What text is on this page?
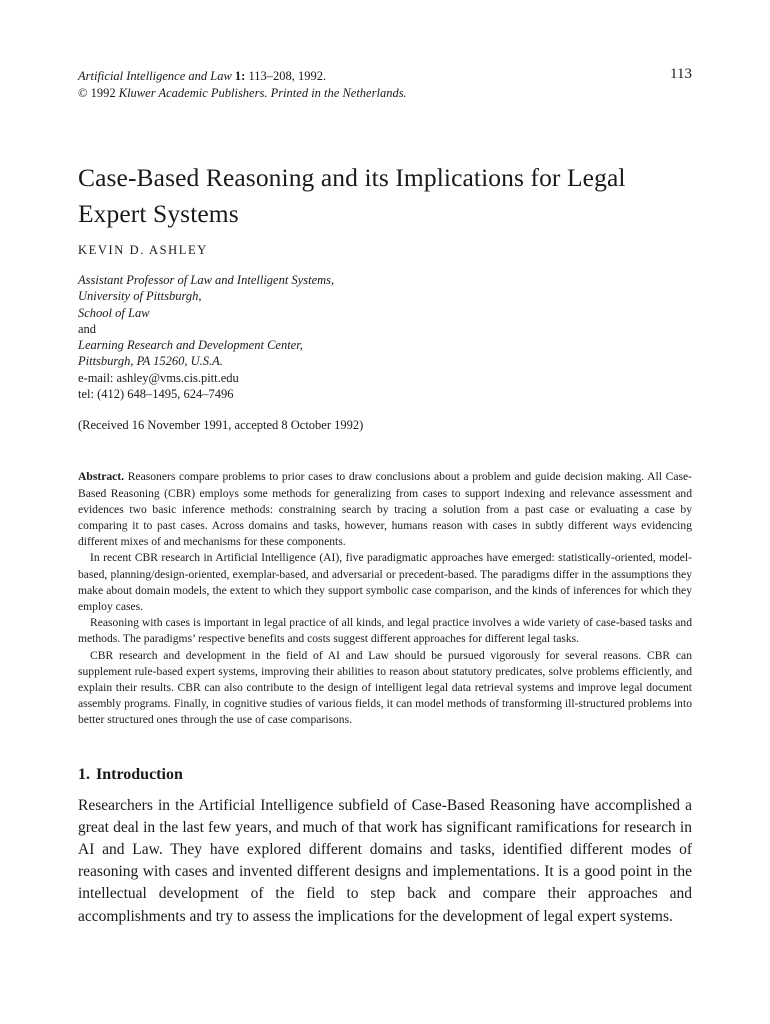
Artificial Intelligence and Law 1: 113–208, 1992.
© 1992 Kluwer Academic Publishers. Printed in the Netherlands.
113
Case-Based Reasoning and its Implications for Legal Expert Systems
KEVIN D. ASHLEY
Assistant Professor of Law and Intelligent Systems,
University of Pittsburgh,
School of Law
and
Learning Research and Development Center,
Pittsburgh, PA 15260, U.S.A.
e-mail: ashley@vms.cis.pitt.edu
tel: (412) 648–1495, 624–7496
(Received 16 November 1991, accepted 8 October 1992)

Abstract. Reasoners compare problems to prior cases to draw conclusions about a problem and guide decision making. All Case-Based Reasoning (CBR) employs some methods for generalizing from cases to support indexing and relevance assessment and evidences two basic inference methods: constraining search by tracing a solution from a past case or evaluating a case by comparing it to past cases. Across domains and tasks, however, humans reason with cases in subtly different ways evidencing different mixes of and mechanisms for these components.

In recent CBR research in Artificial Intelligence (AI), five paradigmatic approaches have emerged: statistically-oriented, model-based, planning/design-oriented, exemplar-based, and adversarial or precedent-based. The paradigms differ in the assumptions they make about domain models, the extent to which they support symbolic case comparison, and the kinds of inferences for which they employ cases.

Reasoning with cases is important in legal practice of all kinds, and legal practice involves a wide variety of case-based tasks and methods. The paradigms’ respective benefits and costs suggest different approaches for different legal tasks.

CBR research and development in the field of AI and Law should be pursued vigorously for several reasons. CBR can supplement rule-based expert systems, improving their abilities to reason about statutory predicates, solve problems efficiently, and explain their results. CBR can also contribute to the design of intelligent legal data retrieval systems and improve legal document assembly programs. Finally, in cognitive studies of various fields, it can model methods of transforming ill-structured problems into better structured ones through the use of case comparisons.

1. Introduction
Researchers in the Artificial Intelligence subfield of Case-Based Reasoning have accomplished a great deal in the last few years, and much of that work has significant ramifications for research in AI and Law. They have explored different domains and tasks, identified different modes of reasoning with cases and invented different designs and implementations. It is a good point in the intellectual development of the field to step back and compare their approaches and accomplishments and try to assess the implications for the development of legal expert systems.
